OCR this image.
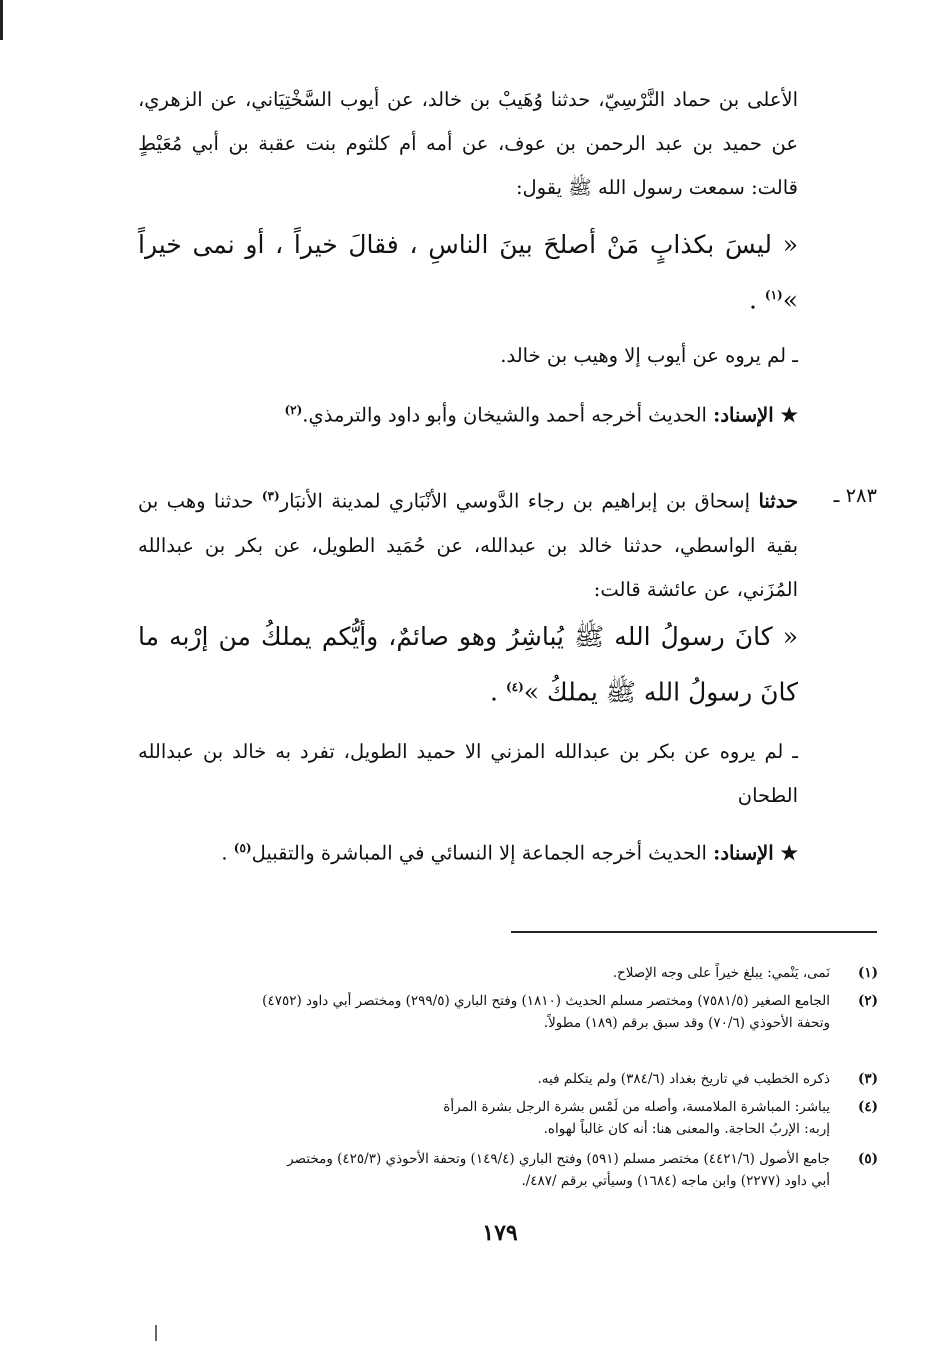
الأعلى بن حماد النَّرْسِيّ، حدثنا وُهَيبْ بن خالد، عن أيوب السَّخْتِيَاني، عن الزهري، عن حميد بن عبد الرحمن بن عوف، عن أمه أم كلثوم بنت عقبة بن أبي مُعَيْطٍ قالت: سمعت رسول الله ﷺ يقول:

« ليسَ بكذابٍ مَنْ أصلحَ بينَ الناسِ ، فقالَ خيراً ، أو نمى خيراً »$^{(١)}$ .

ـ لم يروه عن أيوب إلا وهيب بن خالد.

★ الإسناد: الحديث أخرجه أحمد والشيخان وأبو داود والترمذي.$^{(٢)}$

٢٨٣ ـ

حدثنا إسحاق بن إبراهيم بن رجاء الدَّوسي الأنْبَاري لمدينة الأنبَار$^{(٣)}$ حدثنا وهب بن بقية الواسطي، حدثنا خالد بن عبدالله، عن حُمَيد الطويل، عن بكر بن عبدالله المُزَني، عن عائشة قالت:

« كانَ رسولُ الله ﷺ يُباشِرُ وهو صائمٌ، وأيُّكم يملكُ من إرْبه ما كانَ رسولُ الله ﷺ يملكُ »$^{(٤)}$ .

ـ لم يروه عن بكر بن عبدالله المزني الا حميد الطويل، تفرد به خالد بن عبدالله الطحان

★ الإسناد: الحديث أخرجه الجماعة إلا النسائي في المباشرة والتقبيل$^{(٥)}$ .

(١)نَمى، يَنْمي: يبلغ خيراً على وجه الإصلاح.
(٢)الجامع الصغير (٧٥٨١/٥) ومختصر مسلم الحديث (١٨١٠) وفتح الباري (٢٩٩/٥) ومختصر أبي داود (٤٧٥٢)
وتحفة الأحوذي (٧٠/٦) وقد سبق برقم (١٨٩) مطولاً.
(٣)ذكره الخطيب في تاريخ بغداد (٣٨٤/٦) ولم يتكلم فيه.
(٤)يباشر: المباشرة الملامسة، وأصله من لَمْس بشرة الرجل بشرة المرأة
إربه: الإربُ الحاجة. والمعنى هنا: أنه كان غالباً لهواه.
(٥)جامع الأصول (٤٤٢١/٦) مختصر مسلم (٥٩١) وفتح الباري (١٤٩/٤) وتحفة الأحوذي (٤٢٥/٣) ومختصر
أبي داود (٢٢٧٧) وابن ماجه (١٦٨٤) وسيأتي برقم /٤٨٧/.
١٧٩
